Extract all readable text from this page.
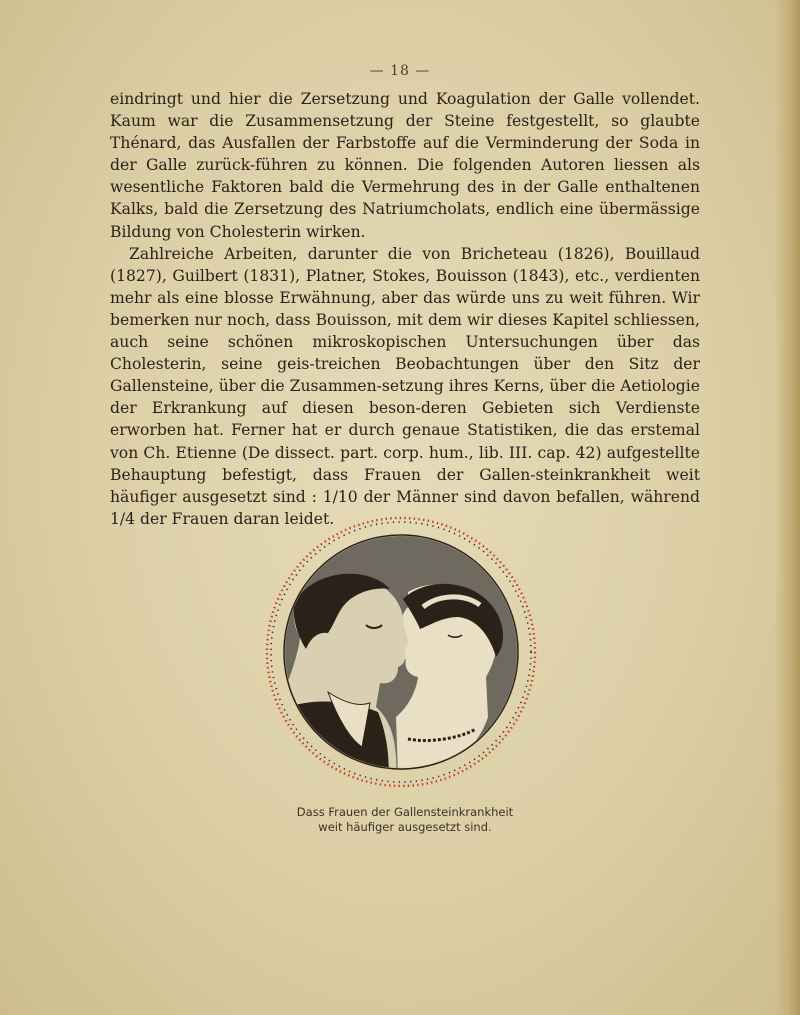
— 18 —

eindringt und hier die Zersetzung und Koagulation der Galle vollendet. Kaum war die Zusammensetzung der Steine festgestellt, so glaubte Thénard, das Ausfallen der Farbstoffe auf die Verminderung der Soda in der Galle zurück-führen zu können. Die folgenden Autoren liessen als wesentliche Faktoren bald die Vermehrung des in der Galle enthaltenen Kalks, bald die Zersetzung des Natriumcholats, endlich eine übermässige Bildung von Cholesterin wirken.

Zahlreiche Arbeiten, darunter die von Bricheteau (1826), Bouillaud (1827), Guilbert (1831), Platner, Stokes, Bouisson (1843), etc., verdienten mehr als eine blosse Erwähnung, aber das würde uns zu weit führen. Wir bemerken nur noch, dass Bouisson, mit dem wir dieses Kapitel schliessen, auch seine schönen mikroskopischen Untersuchungen über das Cholesterin, seine geis-treichen Beobachtungen über den Sitz der Gallensteine, über die Zusammen-setzung ihres Kerns, über die Aetiologie der Erkrankung auf diesen beson-deren Gebieten sich Verdienste erworben hat. Ferner hat er durch genaue Statistiken, die das erstemal von Ch. Etienne (De dissect. part. corp. hum., lib. III. cap. 42) aufgestellte Behauptung befestigt, dass Frauen der Gallen-steinkrankheit weit häufiger ausgesetzt sind : 1/10 der Männer sind davon befallen, während 1/4 der Frauen daran leidet.

Dass Frauen der Gallensteinkrankheit
weit häufiger ausgesetzt sind.
